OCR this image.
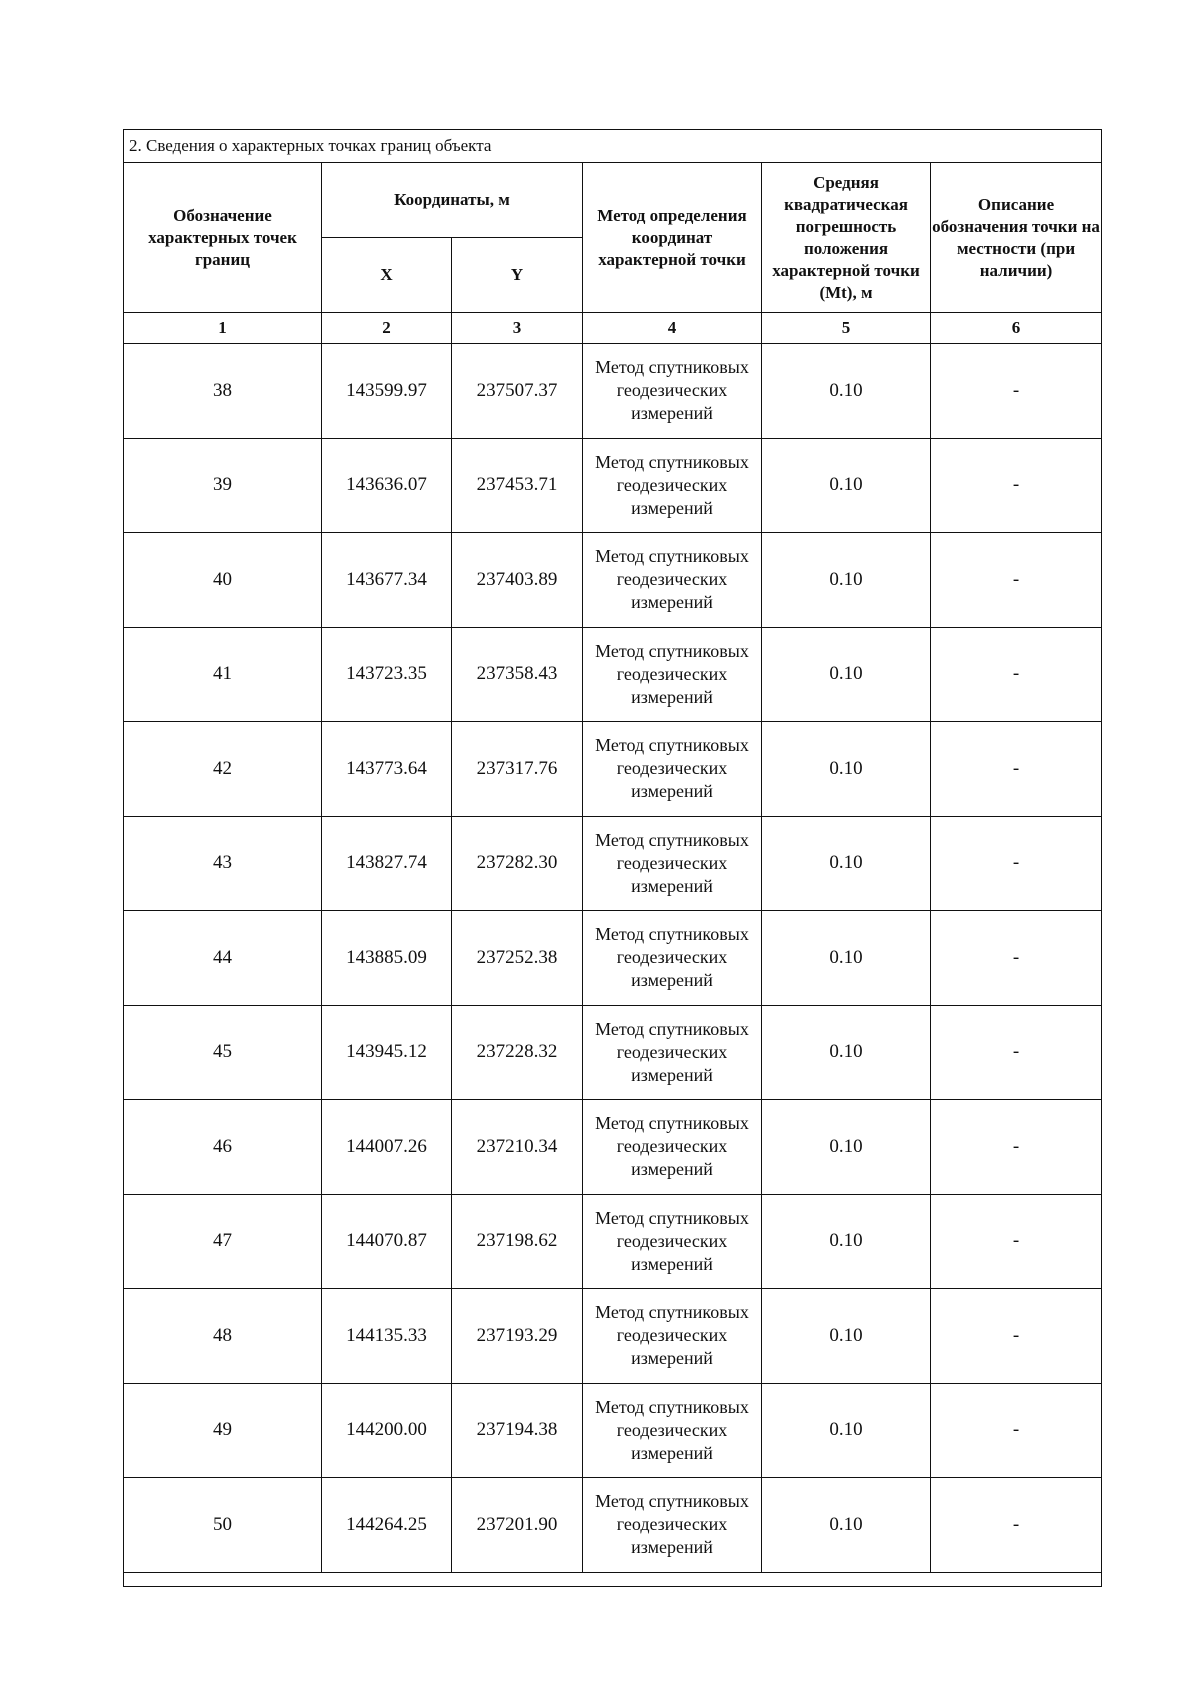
2. Сведения о характерных точках границ объекта					
Обозначение характерных точек границ	Координаты, м		Метод определения координат характерной точки	Средняя квадратическая погрешность положения характерной точки (Mt), м	Описание обозначения точки на местности (при наличии)
	X	Y			
1	2	3	4	5	6
38	143599.97	237507.37	Метод спутниковых геодезических измерений	0.10	-
39	143636.07	237453.71	Метод спутниковых геодезических измерений	0.10	-
40	143677.34	237403.89	Метод спутниковых геодезических измерений	0.10	-
41	143723.35	237358.43	Метод спутниковых геодезических измерений	0.10	-
42	143773.64	237317.76	Метод спутниковых геодезических измерений	0.10	-
43	143827.74	237282.30	Метод спутниковых геодезических измерений	0.10	-
44	143885.09	237252.38	Метод спутниковых геодезических измерений	0.10	-
45	143945.12	237228.32	Метод спутниковых геодезических измерений	0.10	-
46	144007.26	237210.34	Метод спутниковых геодезических измерений	0.10	-
47	144070.87	237198.62	Метод спутниковых геодезических измерений	0.10	-
48	144135.33	237193.29	Метод спутниковых геодезических измерений	0.10	-
49	144200.00	237194.38	Метод спутниковых геодезических измерений	0.10	-
50	144264.25	237201.90	Метод спутниковых геодезических измерений	0.10	-
